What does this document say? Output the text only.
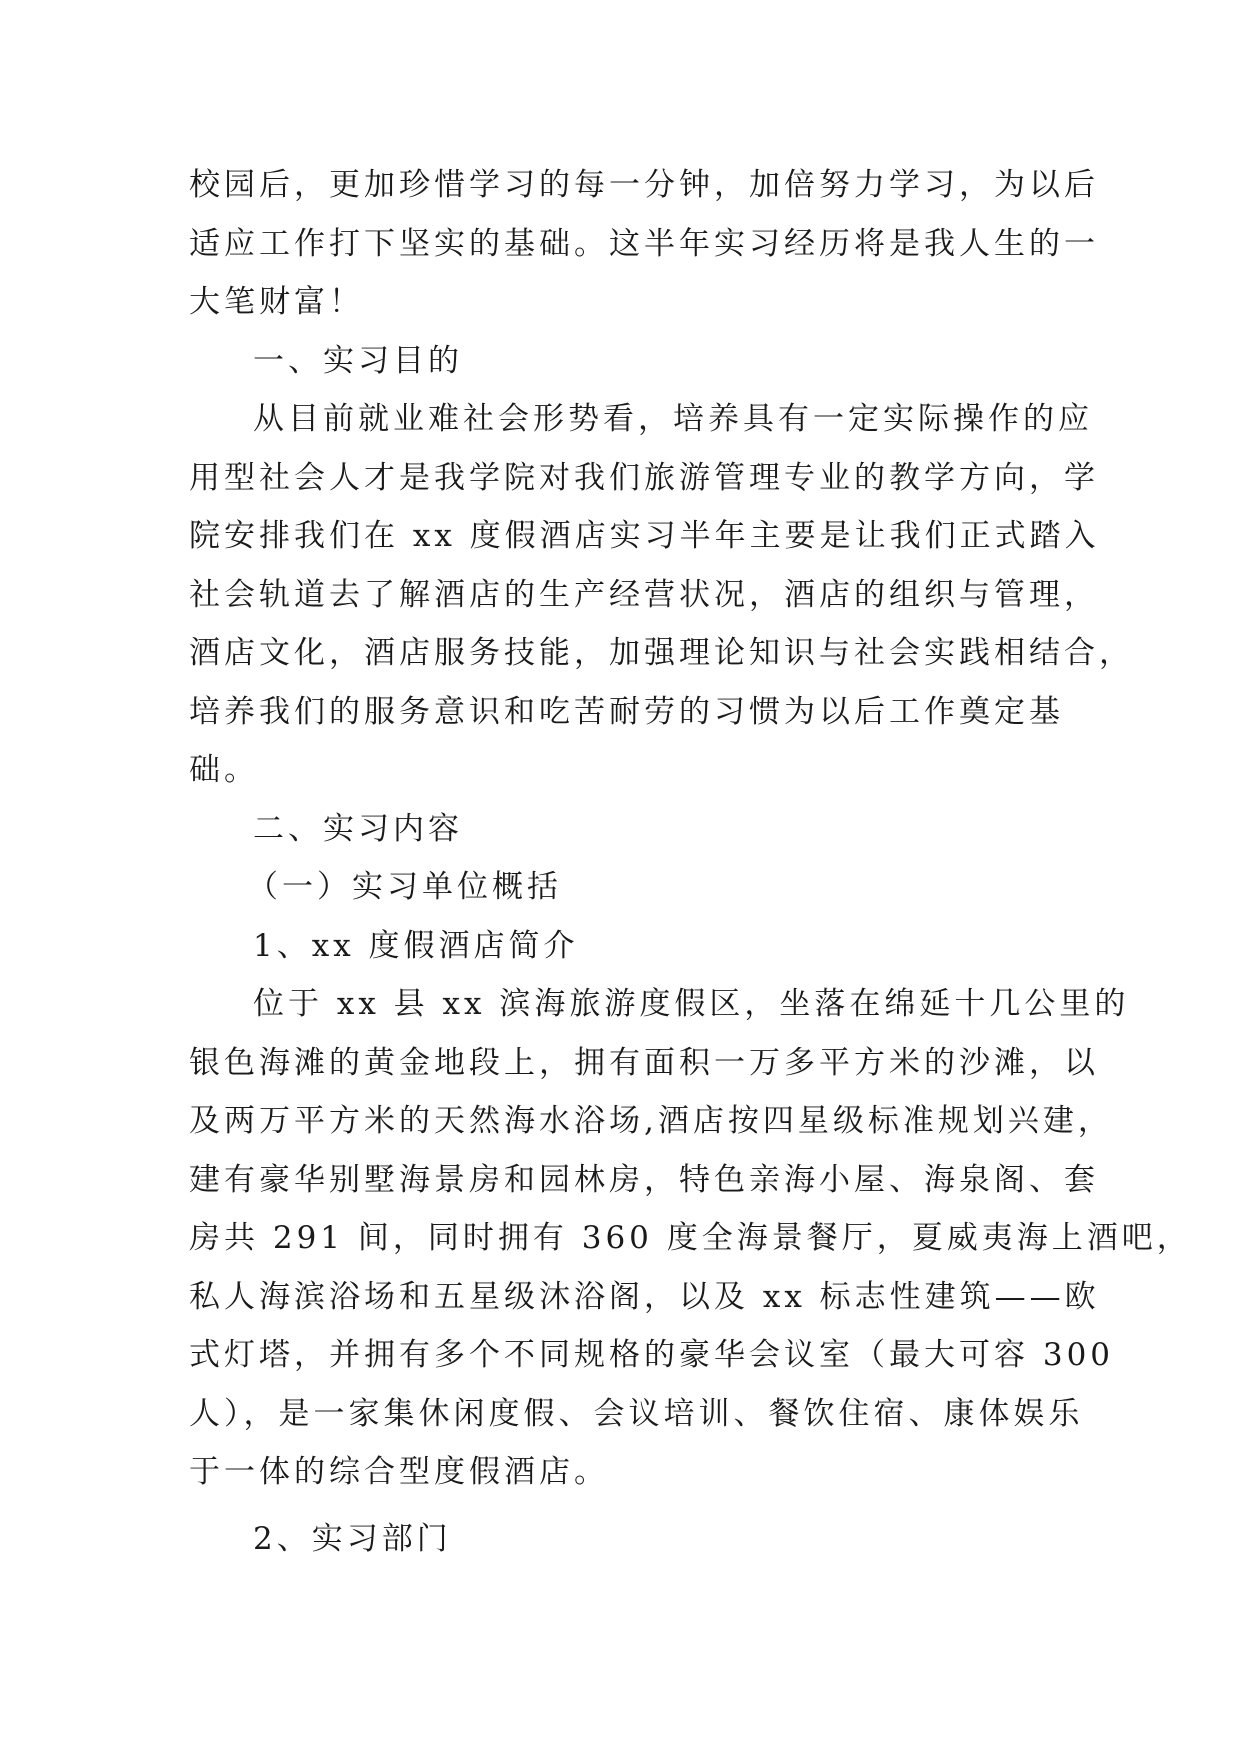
校园后，更加珍惜学习的每一分钟，加倍努力学习，为以后
适应工作打下坚实的基础。这半年实习经历将是我人生的一
大笔财富！
一、实习目的
从目前就业难社会形势看，培养具有一定实际操作的应
用型社会人才是我学院对我们旅游管理专业的教学方向，学
院安排我们在 xx 度假酒店实习半年主要是让我们正式踏入
社会轨道去了解酒店的生产经营状况，酒店的组织与管理，
酒店文化，酒店服务技能，加强理论知识与社会实践相结合，
培养我们的服务意识和吃苦耐劳的习惯为以后工作奠定基
础。
二、实习内容
（一）实习单位概括
1、xx 度假酒店简介
位于 xx 县 xx 滨海旅游度假区，坐落在绵延十几公里的
银色海滩的黄金地段上，拥有面积一万多平方米的沙滩，以
及两万平方米的天然海水浴场,酒店按四星级标准规划兴建，
建有豪华别墅海景房和园林房，特色亲海小屋、海泉阁、套
房共 291 间，同时拥有 360 度全海景餐厅，夏威夷海上酒吧，
私人海滨浴场和五星级沐浴阁，以及 xx 标志性建筑——欧
式灯塔，并拥有多个不同规格的豪华会议室（最大可容 300
人），是一家集休闲度假、会议培训、餐饮住宿、康体娱乐
于一体的综合型度假酒店。
2、实习部门
